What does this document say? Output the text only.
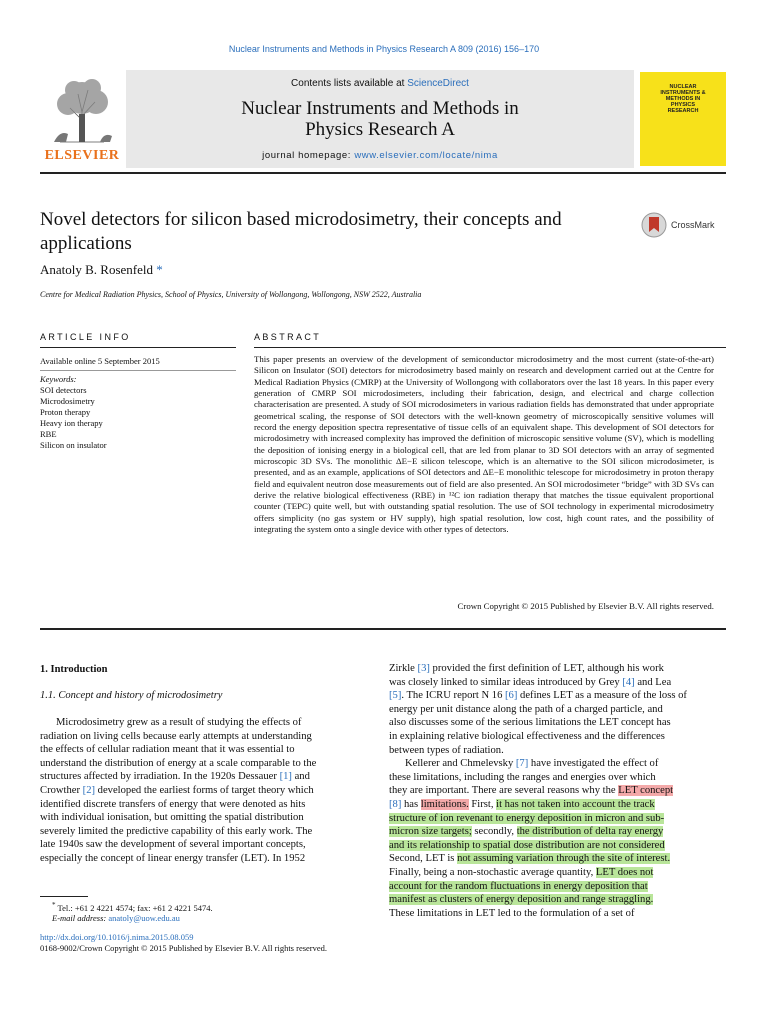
Nuclear Instruments and Methods in Physics Research A 809 (2016) 156–170
ELSEVIER
Contents lists available at ScienceDirect
Nuclear Instruments and Methods in
Physics Research A
journal homepage: www.elsevier.com/locate/nima
NUCLEAR INSTRUMENTS & METHODS IN PHYSICS RESEARCH
Novel detectors for silicon based microdosimetry, their concepts and
applications
CrossMark
Anatoly B. Rosenfeld *
Centre for Medical Radiation Physics, School of Physics, University of Wollongong, Wollongong, NSW 2522, Australia
ARTICLE INFO	ABSTRACT
Available online 5 September 2015
Keywords:
SOI detectors
Microdosimetry
Proton therapy
Heavy ion therapy
RBE
Silicon on insulator
This paper presents an overview of the development of semiconductor microdosimetry and the most current (state-of-the-art) Silicon on Insulator (SOI) detectors for microdosimetry based mainly on research and development carried out at the Centre for Medical Radiation Physics (CMRP) at the University of Wollongong with collaborators over the last 18 years. In this paper every generation of CMRP SOI microdosimeters, including their fabrication, design, and electrical and charge collection characterisation are presented. A study of SOI microdosimeters in various radiation fields has demonstrated that under appropriate geometrical scaling, the response of SOI detectors with the well-known geometry of microscopically sensitive volumes will record the energy deposition spectra representative of tissue cells of an equivalent shape. This development of SOI detectors for microdosimetry with increased complexity has improved the definition of microscopic sensitive volume (SV), which is modelling the deposition of ionising energy in a biological cell, that are led from planar to 3D SOI detectors with an array of segmented microscopic 3D SVs. The monolithic ΔE−E silicon telescope, which is an alternative to the SOI silicon microdosimeter, is presented, and as an example, applications of SOI detectors and ΔE−E monolithic telescope for microdosimetry in proton therapy field and equivalent neutron dose measurements out of field are also presented. An SOI microdosimeter “bridge” with 3D SVs can derive the relative biological effectiveness (RBE) in ¹²C ion radiation therapy that matches the tissue equivalent proportional counter (TEPC) quite well, but with outstanding spatial resolution. The use of SOI technology in experimental microdosimetry offers simplicity (no gas system or HV supply), high spatial resolution, low cost, high count rates, and the possibility of integrating the system onto a single device with other types of detectors.
Crown Copyright © 2015 Published by Elsevier B.V. All rights reserved.
1. Introduction
1.1. Concept and history of microdosimetry
Microdosimetry grew as a result of studying the effects of
radiation on living cells because early attempts at understanding
the effects of cellular radiation meant that it was essential to
understand the distribution of energy at a scale comparable to the
structures affected by irradiation. In the 1920s Dessauer [1] and
Crowther [2] developed the earliest forms of target theory which
identified discrete transfers of energy that were denoted as hits
with individual ionisation, but omitting the spatial distribution
severely limited the predictive capability of this early work. The
late 1940s saw the development of several important concepts,
especially the concept of linear energy transfer (LET). In 1952
* Tel.: +61 2 4221 4574; fax: +61 2 4221 5474.
E-mail address: anatoly@uow.edu.au
http://dx.doi.org/10.1016/j.nima.2015.08.059
0168-9002/Crown Copyright © 2015 Published by Elsevier B.V. All rights reserved.
Zirkle [3] provided the first definition of LET, although his work
was closely linked to similar ideas introduced by Grey [4] and Lea
[5]. The ICRU report N 16 [6] defines LET as a measure of the loss of
energy per unit distance along the path of a charged particle, and
also discusses some of the serious limitations the LET concept has
in explaining relative biological effectiveness and the differences
between types of radiation.
Kellerer and Chmelevsky [7] have investigated the effect of
these limitations, including the ranges and energies over which
they are important. There are several reasons why the LET concept
[8] has limitations. First, it has not taken into account the track
structure of ion revenant to energy deposition in micron and sub-
micron size targets; secondly, the distribution of delta ray energy
and its relationship to spatial dose distribution are not considered
Second, LET is not assuming variation through the site of interest.
Finally, being a non-stochastic average quantity, LET does not
account for the random fluctuations in energy deposition that
manifest as clusters of energy deposition and range straggling.
These limitations in LET led to the formulation of a set of
